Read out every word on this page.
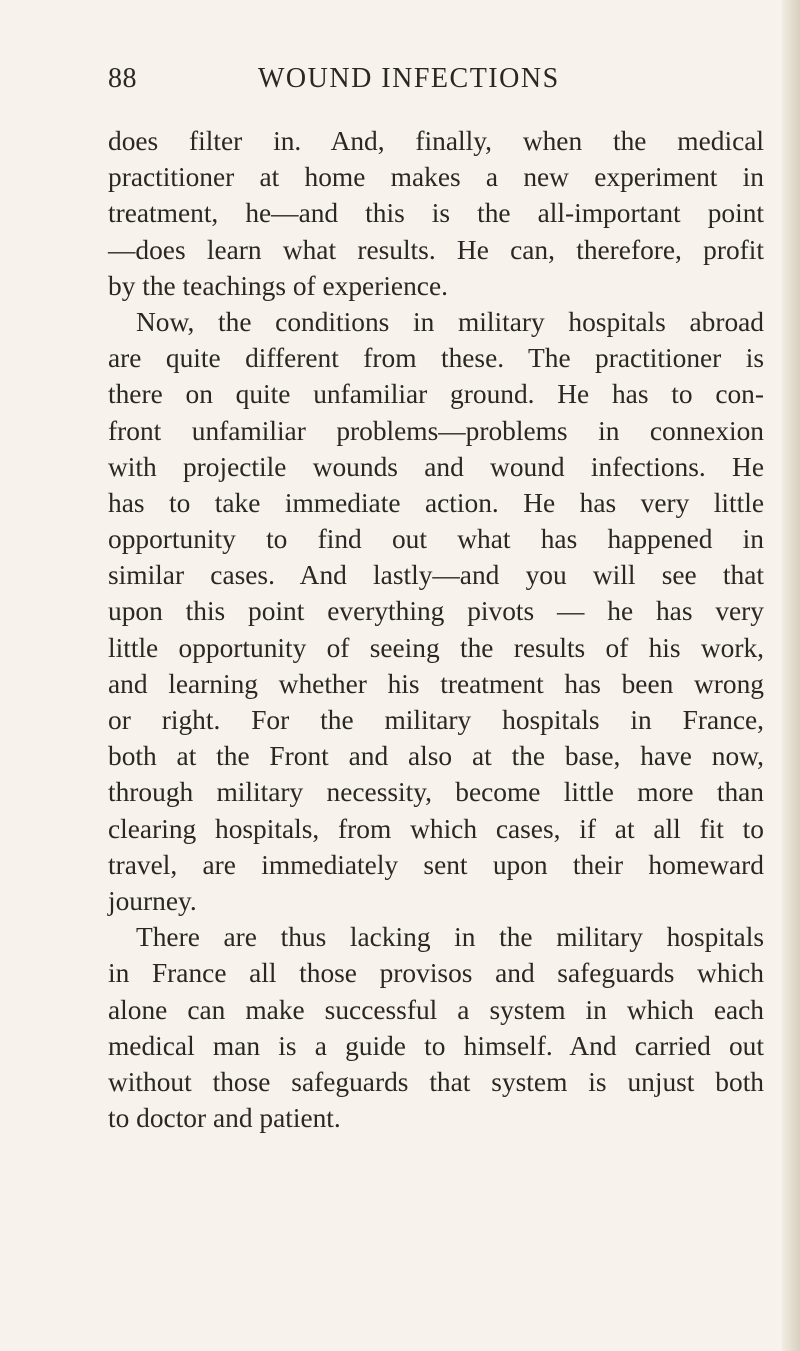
88	WOUND INFECTIONS
does filter in. And, finally, when the medical
practitioner at home makes a new experiment in
treatment, he—and this is the all-important point
—does learn what results. He can, therefore, profit
by the teachings of experience.
Now, the conditions in military hospitals abroad
are quite different from these. The practitioner is
there on quite unfamiliar ground. He has to con-
front unfamiliar problems—problems in connexion
with projectile wounds and wound infections. He
has to take immediate action. He has very little
opportunity to find out what has happened in
similar cases. And lastly—and you will see that
upon this point everything pivots — he has very
little opportunity of seeing the results of his work,
and learning whether his treatment has been wrong
or right. For the military hospitals in France,
both at the Front and also at the base, have now,
through military necessity, become little more than
clearing hospitals, from which cases, if at all fit to
travel, are immediately sent upon their homeward
journey.
There are thus lacking in the military hospitals
in France all those provisos and safeguards which
alone can make successful a system in which each
medical man is a guide to himself. And carried out
without those safeguards that system is unjust both
to doctor and patient.
